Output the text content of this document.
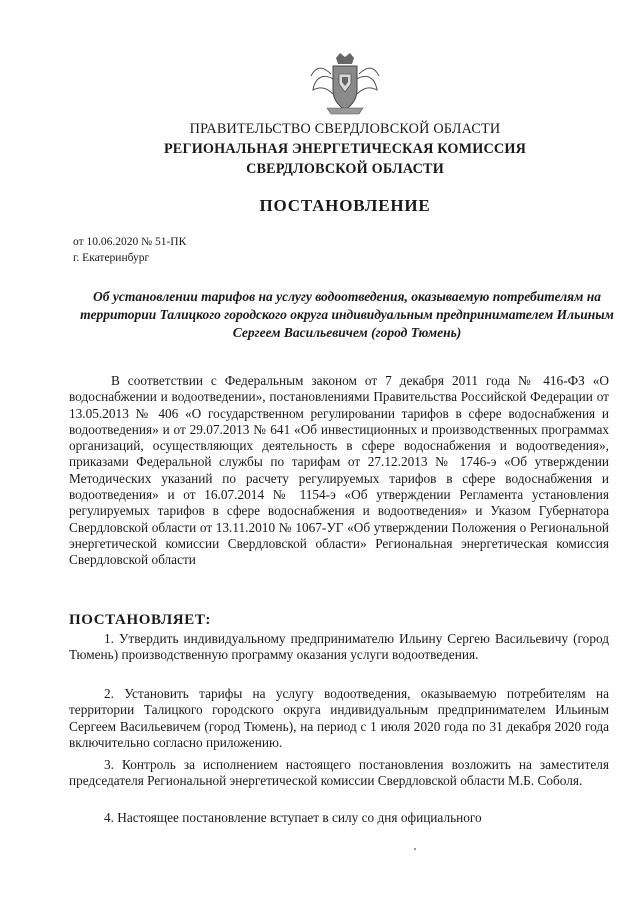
ПРАВИТЕЛЬСТВО СВЕРДЛОВСКОЙ ОБЛАСТИ
РЕГИОНАЛЬНАЯ ЭНЕРГЕТИЧЕСКАЯ КОМИССИЯ
СВЕРДЛОВСКОЙ ОБЛАСТИ
ПОСТАНОВЛЕНИЕ
от 10.06.2020 № 51-ПК
г. Екатеринбург
Об установлении тарифов на услугу водоотведения, оказываемую потребителям на территории Талицкого городского округа индивидуальным предпринимателем Ильиным Сергеем Васильевичем (город Тюмень)
В соответствии с Федеральным законом от 7 декабря 2011 года № 416-ФЗ «О водоснабжении и водоотведении», постановлениями Правительства Российской Федерации от 13.05.2013 № 406 «О государственном регулировании тарифов в сфере водоснабжения и водоотведения» и от 29.07.2013 № 641 «Об инвестиционных и производственных программах организаций, осуществляющих деятельность в сфере водоснабжения и водоотведения», приказами Федеральной службы по тарифам от 27.12.2013 № 1746-э «Об утверждении Методических указаний по расчету регулируемых тарифов в сфере водоснабжения и водоотведения» и от 16.07.2014 № 1154-э «Об утверждении Регламента установления регулируемых тарифов в сфере водоснабжения и водоотведения» и Указом Губернатора Свердловской области от 13.11.2010 № 1067-УГ «Об утверждении Положения о Региональной энергетической комиссии Свердловской области» Региональная энергетическая комиссия Свердловской области
ПОСТАНОВЛЯЕТ:
1. Утвердить индивидуальному предпринимателю Ильину Сергею Васильевичу (город Тюмень) производственную программу оказания услуги водоотведения.
2. Установить тарифы на услугу водоотведения, оказываемую потребителям на территории Талицкого городского округа индивидуальным предпринимателем Ильиным Сергеем Васильевичем (город Тюмень), на период с 1 июля 2020 года по 31 декабря 2020 года включительно согласно приложению.
3. Контроль за исполнением настоящего постановления возложить на заместителя председателя Региональной энергетической комиссии Свердловской области М.Б. Соболя.
4. Настоящее постановление вступает в силу со дня официального
